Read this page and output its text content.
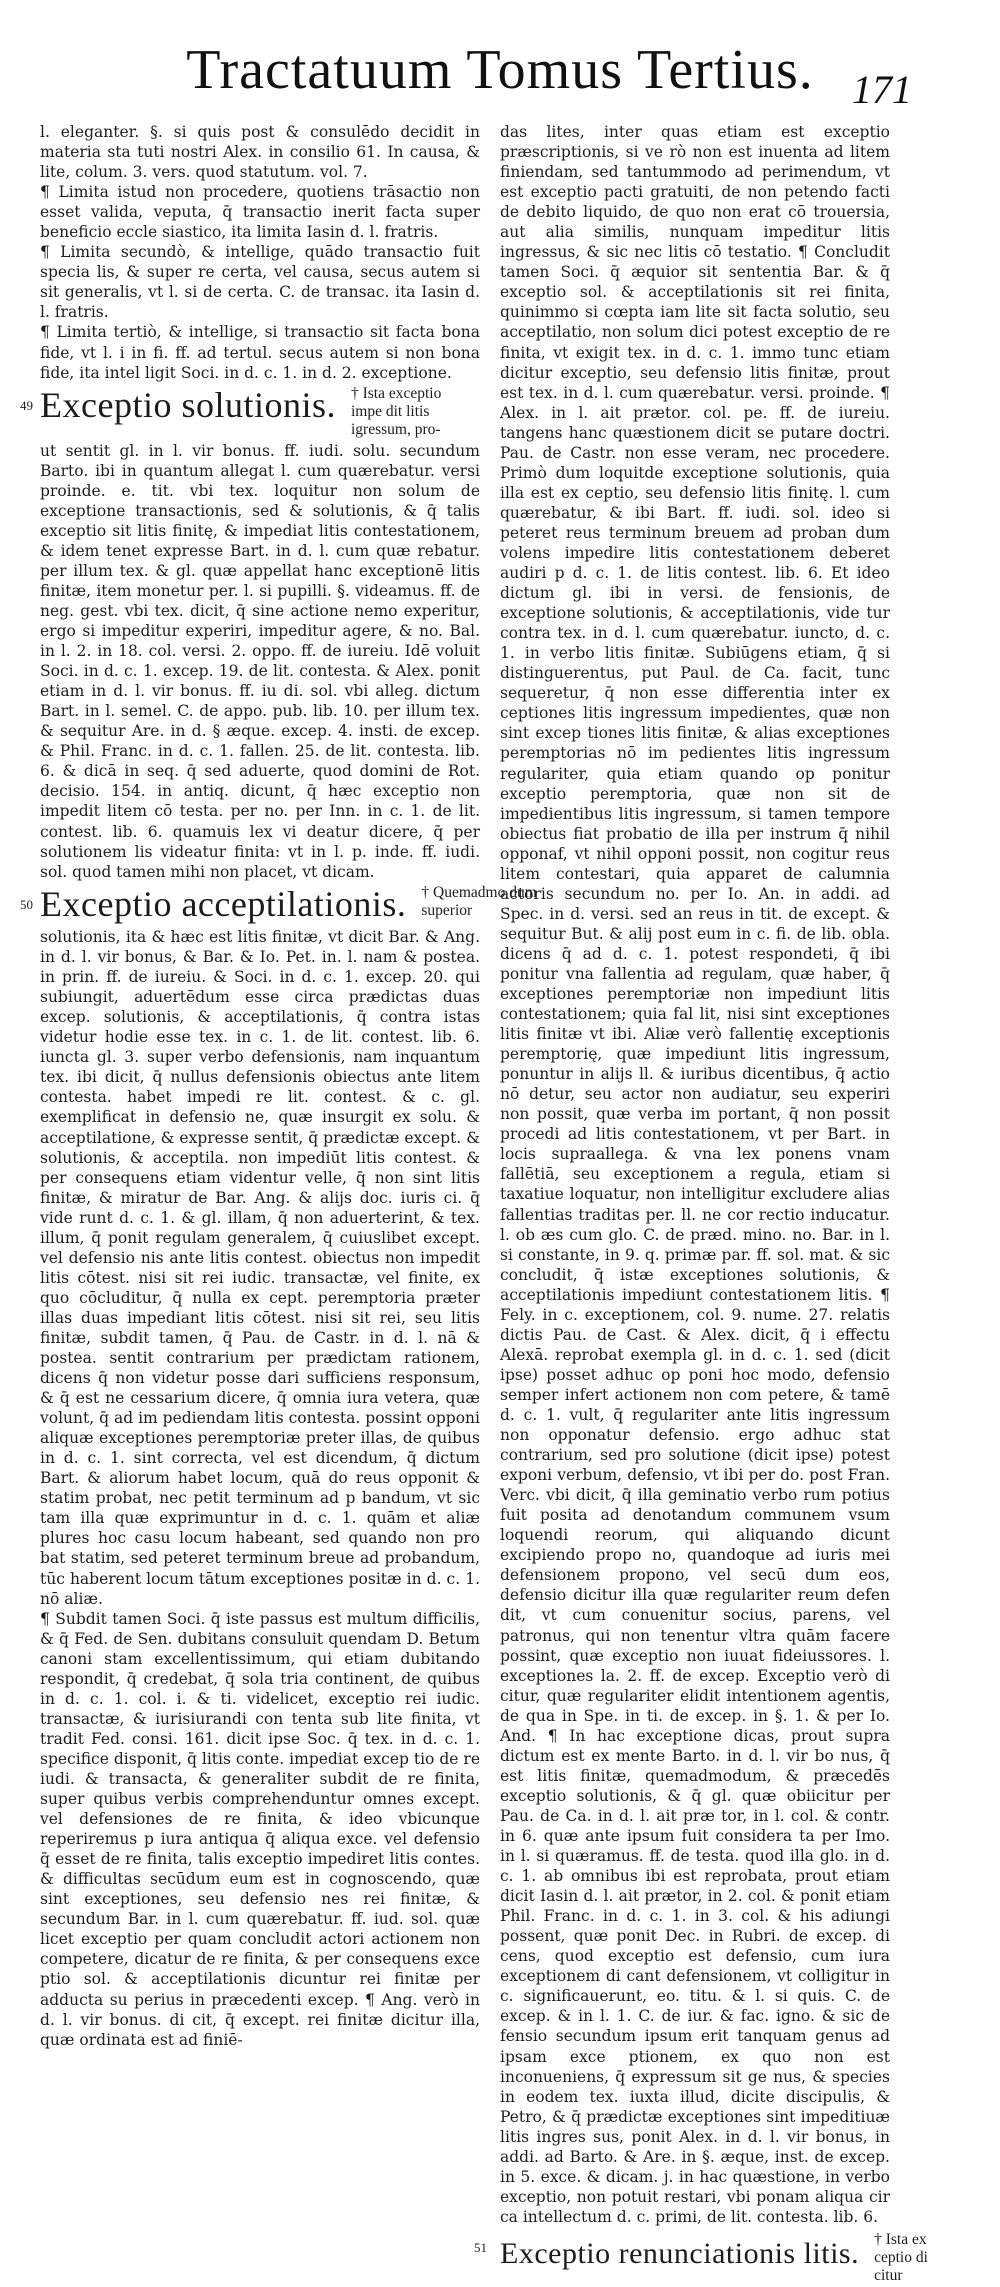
Tractatuum Tomus Tertius. 171

l. eleganter. §. si quis post & consulēdo decidit in materia sta tuti nostri Alex. in consilio 61. In causa, & lite, colum. 3. vers. quod statutum. vol. 7.

¶ Limita istud non procedere, quotiens trāsactio non esset valida, veputa, q̄ transactio inerit facta super beneficio eccle siastico, ita limita Iasin d. l. fratris.

¶ Limita secundò, & intellige, quādo transactio fuit specia lis, & super re certa, vel causa, secus autem si sit generalis, vt l. si de certa. C. de transac. ita Iasin d. l. fratris.

¶ Limita tertiò, & intellige, si transactio sit facta bona fide, vt l. i in fi. ff. ad tertul. secus autem si non bona fide, ita intel ligit Soci. in d. c. 1. in d. 2. exceptione.

49 Exceptio solutionis. † Ista exceptio impe dit litis igressum, pro-

ut sentit gl. in l. vir bonus. ff. iudi. solu. secundum Barto. ibi in quantum allegat l. cum quærebatur. versi proinde. e. tit. vbi tex. loquitur non solum de exceptione transactionis, sed & solutionis, & q̄ talis exceptio sit litis finitę, & impediat litis contestationem, & idem tenet expresse Bart. in d. l. cum quæ rebatur. per illum tex. & gl. quæ appellat hanc exceptionē litis finitæ, item monetur per. l. si pupilli. §. videamus. ff. de neg. gest. vbi tex. dicit, q̄ sine actione nemo experitur, ergo si impeditur experiri, impeditur agere, & no. Bal. in l. 2. in 18. col. versi. 2. oppo. ff. de iureiu. Idē voluit Soci. in d. c. 1. excep. 19. de lit. contesta. & Alex. ponit etiam in d. l. vir bonus. ff. iu di. sol. vbi alleg. dictum Bart. in l. semel. C. de appo. pub. lib. 10. per illum tex. & sequitur Are. in d. § æque. excep. 4. insti. de excep. & Phil. Franc. in d. c. 1. fallen. 25. de lit. contesta. lib. 6. & dicā in seq. q̄ sed aduerte, quod domini de Rot. decisio. 154. in antiq. dicunt, q̄ hæc exceptio non impedit litem cō testa. per no. per Inn. in c. 1. de lit. contest. lib. 6. quamuis lex vi deatur dicere, q̄ per solutionem lis videatur finita: vt in l. p. inde. ff. iudi. sol. quod tamen mihi non placet, vt dicam.

50 Exceptio acceptilationis. † Quemadmo dum superior

solutionis, ita & hæc est litis finitæ, vt dicit Bar. & Ang. in d. l. vir bonus, & Bar. & Io. Pet. in. l. nam & postea. in prin. ff. de iureiu. & Soci. in d. c. 1. excep. 20. qui subiungit, aduertēdum esse circa prædictas duas excep. solutionis, & acceptilationis, q̄ contra istas videtur hodie esse tex. in c. 1. de lit. contest. lib. 6. iuncta gl. 3. super verbo defensionis, nam inquantum tex. ibi dicit, q̄ nullus defensionis obiectus ante litem contesta. habet impedi re lit. contest. & c. gl. exemplificat in defensio ne, quæ insurgit ex solu. & acceptilatione, & expresse sentit, q̄ prædictæ except. & solutionis, & acceptila. non impediūt litis contest. & per consequens etiam videntur velle, q̄ non sint litis finitæ, & miratur de Bar. Ang. & alijs doc. iuris ci. q̄ vide runt d. c. 1. & gl. illam, q̄ non aduerterint, & tex. illum, q̄ ponit regulam generalem, q̄ cuiuslibet except. vel defensio nis ante litis contest. obiectus non impedit litis cōtest. nisi sit rei iudic. transactæ, vel finite, ex quo cōcluditur, q̄ nulla ex cept. peremptoria præter illas duas impediant litis cōtest. nisi sit rei, seu litis finitæ, subdit tamen, q̄ Pau. de Castr. in d. l. nā & postea. sentit contrarium per prædictam rationem, dicens q̄ non videtur posse dari sufficiens responsum, & q̄ est ne cessarium dicere, q̄ omnia iura vetera, quæ volunt, q̄ ad im pediendam litis contesta. possint opponi aliquæ exceptiones peremptoriæ preter illas, de quibus in d. c. 1. sint correcta, vel est dicendum, q̄ dictum Bart. & aliorum habet locum, quā do reus opponit & statim probat, nec petit terminum ad p bandum, vt sic tam illa quæ exprimuntur in d. c. 1. quām et aliæ plures hoc casu locum habeant, sed quando non pro bat statim, sed peteret terminum breue ad probandum, tūc haberent locum tātum exceptiones positæ in d. c. 1. nō aliæ.

¶ Subdit tamen Soci. q̄ iste passus est multum difficilis, & q̄ Fed. de Sen. dubitans consuluit quendam D. Betum canoni stam excellentissimum, qui etiam dubitando respondit, q̄ credebat, q̄ sola tria continent, de quibus in d. c. 1. col. i. & ti. videlicet, exceptio rei iudic. transactæ, & iurisiurandi con tenta sub lite finita, vt tradit Fed. consi. 161. dicit ipse Soc. q̄ tex. in d. c. 1. specifice disponit, q̄ litis conte. impediat excep tio de re iudi. & transacta, & generaliter subdit de re finita, super quibus verbis comprehenduntur omnes except. vel defensiones de re finita, & ideo vbicunque reperiremus p iura antiqua q̄ aliqua exce. vel defensio q̄ esset de re finita, talis exceptio impediret litis contes. & difficultas secūdum eum est in cognoscendo, quæ sint exceptiones, seu defensio nes rei finitæ, & secundum Bar. in l. cum quærebatur. ff. iud. sol. quæ licet exceptio per quam concludit actori actionem non competere, dicatur de re finita, & per consequens exce ptio sol. & acceptilationis dicuntur rei finitæ per adducta su perius in præcedenti excep. ¶ Ang. verò in d. l. vir bonus. di cit, q̄ except. rei finitæ dicitur illa, quæ ordinata est ad finiē-

das lites, inter quas etiam est exceptio præscriptionis, si ve rò non est inuenta ad litem finiendam, sed tantummodo ad perimendum, vt est exceptio pacti gratuiti, de non petendo facti de debito liquido, de quo non erat cō trouersia, aut alia similis, nunquam impeditur litis ingressus, & sic nec litis cō testatio. ¶ Concludit tamen Soci. q̄ æquior sit sententia Bar. & q̄ exceptio sol. & acceptilationis sit rei finita, quinimmo si cœpta iam lite sit facta solutio, seu acceptilatio, non solum dici potest exceptio de re finita, vt exigit tex. in d. c. 1. immo tunc etiam dicitur exceptio, seu defensio litis finitæ, prout est tex. in d. l. cum quærebatur. versi. proinde. ¶ Alex. in l. ait prætor. col. pe. ff. de iureiu. tangens hanc quæstionem dicit se putare doctri. Pau. de Castr. non esse veram, nec procedere. Primò dum loquitde exceptione solutionis, quia illa est ex ceptio, seu defensio litis finitę. l. cum quærebatur, & ibi Bart. ff. iudi. sol. ideo si peteret reus terminum breuem ad proban dum volens impedire litis contestationem deberet audiri p d. c. 1. de litis contest. lib. 6. Et ideo dictum gl. ibi in versi. de fensionis, de exceptione solutionis, & acceptilationis, vide tur contra tex. in d. l. cum quærebatur. iuncto, d. c. 1. in verbo litis finitæ. Subiūgens etiam, q̄ si distinguerentus, put Paul. de Ca. facit, tunc sequeretur, q̄ non esse differentia inter ex ceptiones litis ingressum impedientes, quæ non sint excep tiones litis finitæ, & alias exceptiones peremptorias nō im pedientes litis ingressum regulariter, quia etiam quando op ponitur exceptio peremptoria, quæ non sit de impedientibus litis ingressum, si tamen tempore obiectus fiat probatio de illa per instrum q̄ nihil opponaf, vt nihil opponi possit, non cogitur reus litem contestari, quia apparet de calumnia actoris secundum no. per Io. An. in addi. ad Spec. in d. versi. sed an reus in tit. de except. & sequitur But. & alij post eum in c. fi. de lib. obla. dicens q̄ ad d. c. 1. potest respondeti, q̄ ibi ponitur vna fallentia ad regulam, quæ haber, q̄ exceptiones peremptoriæ non impediunt litis contestationem; quia fal lit, nisi sint exceptiones litis finitæ vt ibi. Aliæ verò fallentię exceptionis peremptorię, quæ impediunt litis ingressum, ponuntur in alijs ll. & iuribus dicentibus, q̄ actio nō detur, seu actor non audiatur, seu experiri non possit, quæ verba im portant, q̄ non possit procedi ad litis contestationem, vt per Bart. in locis supraallega. & vna lex ponens vnam fallētiā, seu exceptionem a regula, etiam si taxatiue loquatur, non intelligitur excludere alias fallentias traditas per. ll. ne cor rectio inducatur. l. ob æs cum glo. C. de præd. mino. no. Bar. in l. si constante, in 9. q. primæ par. ff. sol. mat. & sic concludit, q̄ istæ exceptiones solutionis, & acceptilationis impediunt contestationem litis. ¶ Fely. in c. exceptionem, col. 9. nume. 27. relatis dictis Pau. de Cast. & Alex. dicit, q̄ i effectu Alexā. reprobat exempla gl. in d. c. 1. sed (dicit ipse) posset adhuc op poni hoc modo, defensio semper infert actionem non com petere, & tamē d. c. 1. vult, q̄ regulariter ante litis ingressum non opponatur defensio. ergo adhuc stat contrarium, sed pro solutione (dicit ipse) potest exponi verbum, defensio, vt ibi per do. post Fran. Verc. vbi dicit, q̄ illa geminatio verbo rum potius fuit posita ad denotandum communem vsum loquendi reorum, qui aliquando dicunt excipiendo propo no, quandoque ad iuris mei defensionem propono, vel secū dum eos, defensio dicitur illa quæ regulariter reum defen dit, vt cum conuenitur socius, parens, vel patronus, qui non tenentur vltra quām facere possint, quæ exceptio non iuuat fideiussores. l. exceptiones la. 2. ff. de excep. Exceptio verò di citur, quæ regulariter elidit intentionem agentis, de qua in Spe. in ti. de excep. in §. 1. & per Io. And. ¶ In hac exceptione dicas, prout supra dictum est ex mente Barto. in d. l. vir bo nus, q̄ est litis finitæ, quemadmodum, & præcedēs exceptio solutionis, & q̄ gl. quæ obiicitur per Pau. de Ca. in d. l. ait præ tor, in l. col. & contr. in 6. quæ ante ipsum fuit considera ta per Imo. in l. si quæramus. ff. de testa. quod illa glo. in d. c. 1. ab omnibus ibi est reprobata, prout etiam dicit Iasin d. l. ait prætor, in 2. col. & ponit etiam Phil. Franc. in d. c. 1. in 3. col. & his adiungi possent, quæ ponit Dec. in Rubri. de excep. di cens, quod exceptio est defensio, cum iura exceptionem di cant defensionem, vt colligitur in c. significauerunt, eo. titu. & l. si quis. C. de excep. & in l. 1. C. de iur. & fac. igno. & sic de fensio secundum ipsum erit tanquam genus ad ipsam exce ptionem, ex quo non est inconueniens, q̄ expressum sit ge nus, & species in eodem tex. iuxta illud, dicite discipulis, & Petro, & q̄ prædictæ exceptiones sint impeditiuæ litis ingres sus, ponit Alex. in d. l. vir bonus, in addi. ad Barto. & Are. in §. æque, inst. de excep. in 5. exce. & dicam. j. in hac quæstione, in verbo exceptio, non potuit restari, vbi ponam aliqua cir ca intellectum d. c. primi, de lit. contesta. lib. 6.

51 Exceptio renunciationis litis. † Ista ex ceptio di citur
